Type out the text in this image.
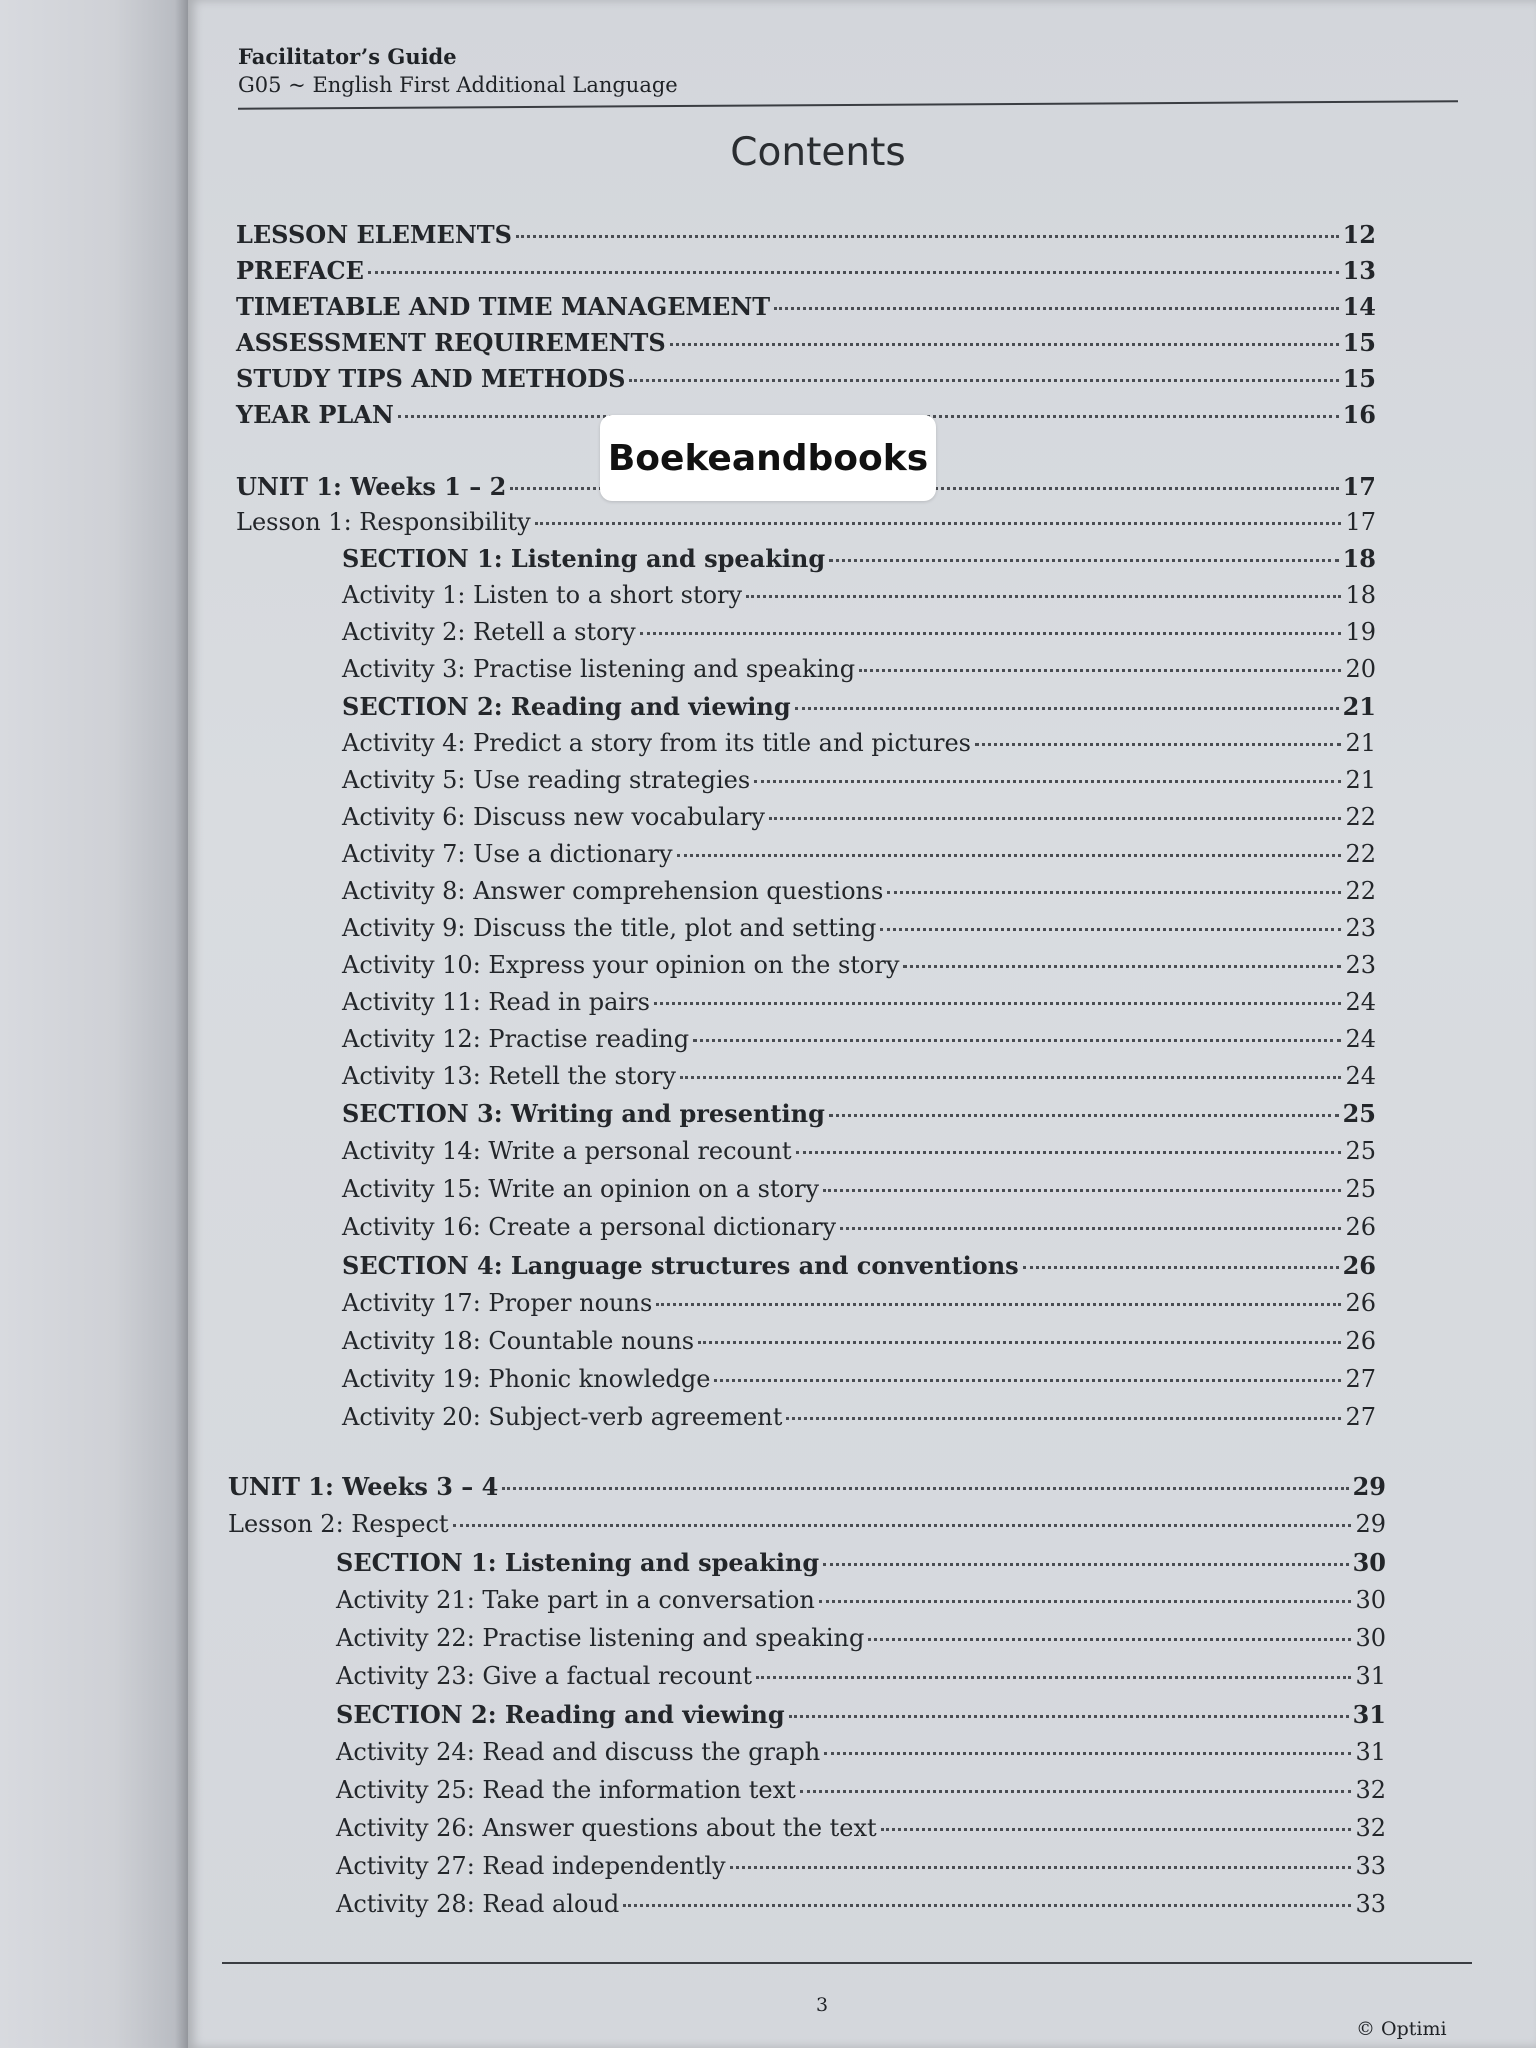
Facilitator’s Guide
G05 ~ English First Additional Language
Contents
LESSON ELEMENTS	12
PREFACE	13
TIMETABLE AND TIME MANAGEMENT	14
ASSESSMENT REQUIREMENTS	15
STUDY TIPS AND METHODS	15
YEAR PLAN	16
UNIT 1: Weeks 1 – 2	17
Lesson 1: Responsibility	17
SECTION 1: Listening and speaking	18
Activity 1: Listen to a short story	18
Activity 2: Retell a story	19
Activity 3: Practise listening and speaking	20
SECTION 2: Reading and viewing	21
Activity 4: Predict a story from its title and pictures	21
Activity 5: Use reading strategies	21
Activity 6: Discuss new vocabulary	22
Activity 7: Use a dictionary	22
Activity 8: Answer comprehension questions	22
Activity 9: Discuss the title, plot and setting	23
Activity 10: Express your opinion on the story	23
Activity 11: Read in pairs	24
Activity 12: Practise reading	24
Activity 13: Retell the story	24
SECTION 3: Writing and presenting	25
Activity 14: Write a personal recount	25
Activity 15: Write an opinion on a story	25
Activity 16: Create a personal dictionary	26
SECTION 4: Language structures and conventions	26
Activity 17: Proper nouns	26
Activity 18: Countable nouns	26
Activity 19: Phonic knowledge	27
Activity 20: Subject-verb agreement	27
UNIT 1: Weeks 3 – 4	29
Lesson 2: Respect	29
SECTION 1: Listening and speaking	30
Activity 21: Take part in a conversation	30
Activity 22: Practise listening and speaking	30
Activity 23: Give a factual recount	31
SECTION 2: Reading and viewing	31
Activity 24: Read and discuss the graph	31
Activity 25: Read the information text	32
Activity 26: Answer questions about the text	32
Activity 27: Read independently	33
Activity 28: Read aloud	33
3
© Optimi
Boekeandbooks
